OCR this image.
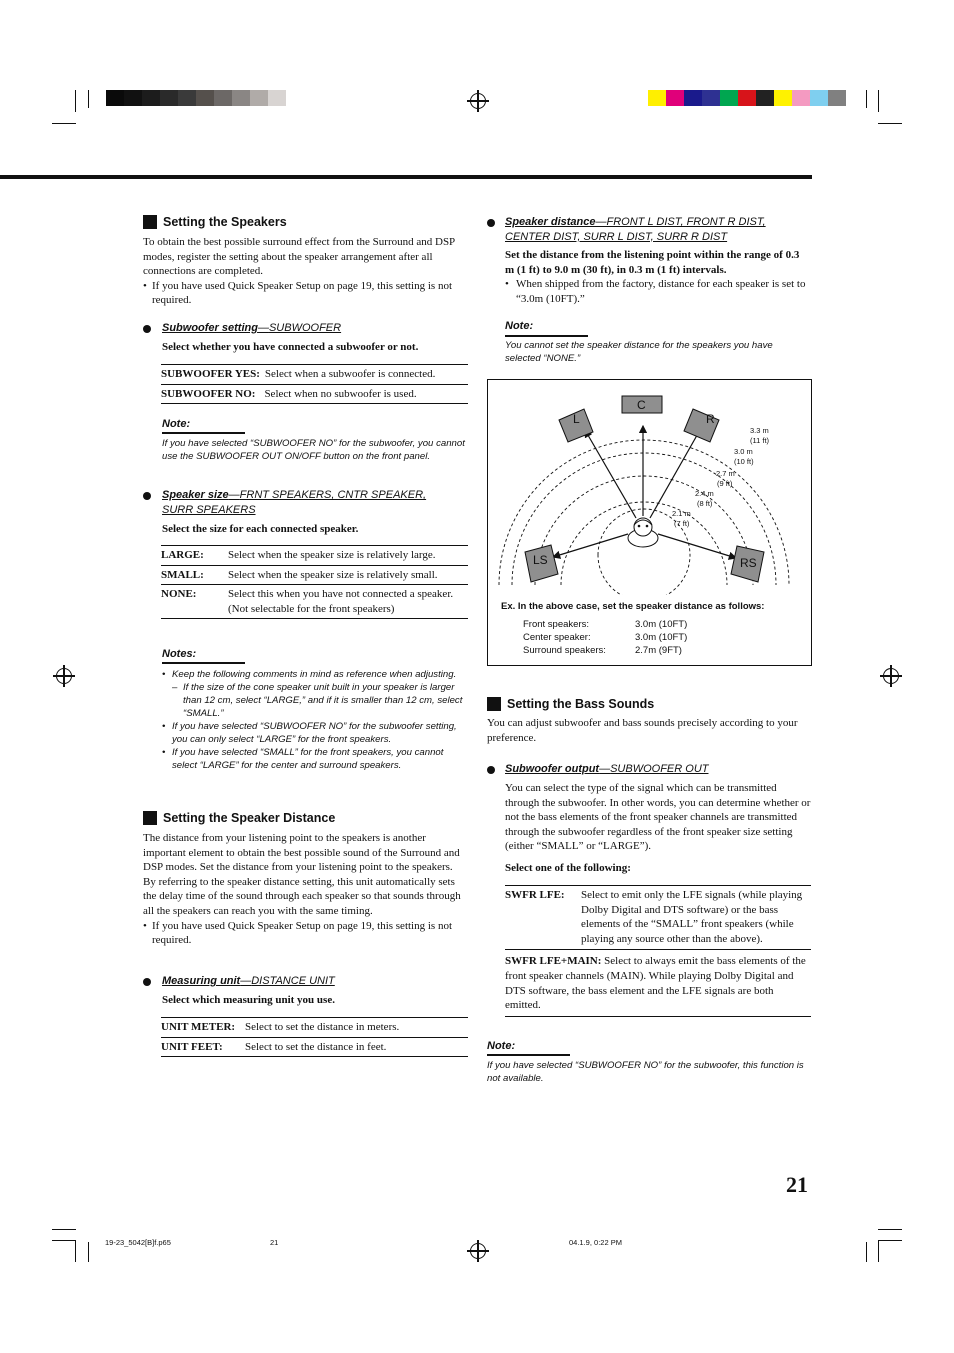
Setting the Speakers
To obtain the best possible surround effect from the Surround and DSP modes, register the setting about the speaker arrangement after all connections are completed.
• If you have used Quick Speaker Setup on page 19, this setting is not required.
Subwoofer setting—SUBWOOFER
Select whether you have connected a subwoofer or not.
SUBWOOFER YES: Select when a subwoofer is connected.
SUBWOOFER NO: Select when no subwoofer is used.
Note:
If you have selected “SUBWOOFER NO” for the subwoofer, you cannot use the SUBWOOFER OUT ON/OFF button on the front panel.
Speaker size—FRNT SPEAKERS, CNTR SPEAKER,
SURR SPEAKERS
Select the size for each connected speaker.
LARGE:	Select when the speaker size is relatively large.
SMALL:	Select when the speaker size is relatively small.
NONE:	Select this when you have not connected a speaker. (Not selectable for the front speakers)
Notes:
• Keep the following comments in mind as reference when adjusting.
– If the size of the cone speaker unit built in your speaker is larger than 12 cm, select “LARGE,” and if it is smaller than 12 cm, select “SMALL.”
• If you have selected “SUBWOOFER NO” for the subwoofer setting, you can only select “LARGE” for the front speakers.
• If you have selected “SMALL” for the front speakers, you cannot select “LARGE” for the center and surround speakers.
Setting the Speaker Distance
The distance from your listening point to the speakers is another important element to obtain the best possible sound of the Surround and DSP modes. Set the distance from your listening point to the speakers.
By referring to the speaker distance setting, this unit automatically sets the delay time of the sound through each speaker so that sounds through all the speakers can reach you with the same timing.
• If you have used Quick Speaker Setup on page 19, this setting is not required.
Measuring unit—DISTANCE UNIT
Select which measuring unit you use.
UNIT METER: Select to set the distance in meters.
UNIT FEET:	Select to set the distance in feet.
Speaker distance—FRONT L DIST, FRONT R DIST,
CENTER DIST, SURR L DIST, SURR R DIST
Set the distance from the listening point within the range of 0.3 m (1 ft) to 9.0 m (30 ft), in 0.3 m (1 ft) intervals.
• When shipped from the factory, distance for each speaker is set to “3.0m (10FT).”
Note:
You cannot set the speaker distance for the speakers you have selected “NONE.”
L
C
R
LS	RS
3.3 m
(11 ft)
3.0 m
(10 ft)
2.7 m
(9 ft)
2.4 m
(8 ft)
2.1 m
(7 ft)
Ex. In the above case, set the speaker distance as follows:
Front speakers:	3.0m (10FT)
Center speaker:	3.0m (10FT)
Surround speakers:	2.7m (9FT)
Setting the Bass Sounds
You can adjust subwoofer and bass sounds precisely according to your preference.
Subwoofer output—SUBWOOFER OUT
You can select the type of the signal which can be transmitted through the subwoofer. In other words, you can determine whether or not the bass elements of the front speaker channels are transmitted through the subwoofer regardless of the front speaker size setting (either “SMALL” or “LARGE”).
Select one of the following:
SWFR LFE:	Select to emit only the LFE signals (while playing Dolby Digital and DTS software) or the bass elements of the “SMALL” front speakers (while playing any source other than the above).
SWFR LFE+MAIN: Select to always emit the bass elements of the front speaker channels (MAIN). While playing Dolby Digital and DTS software, the bass element and the LFE signals are both emitted.
Note:
If you have selected “SUBWOOFER NO” for the subwoofer, this function is not available.
21
19-23_5042[B]f.p65	21	04.1.9, 0:22 PM
